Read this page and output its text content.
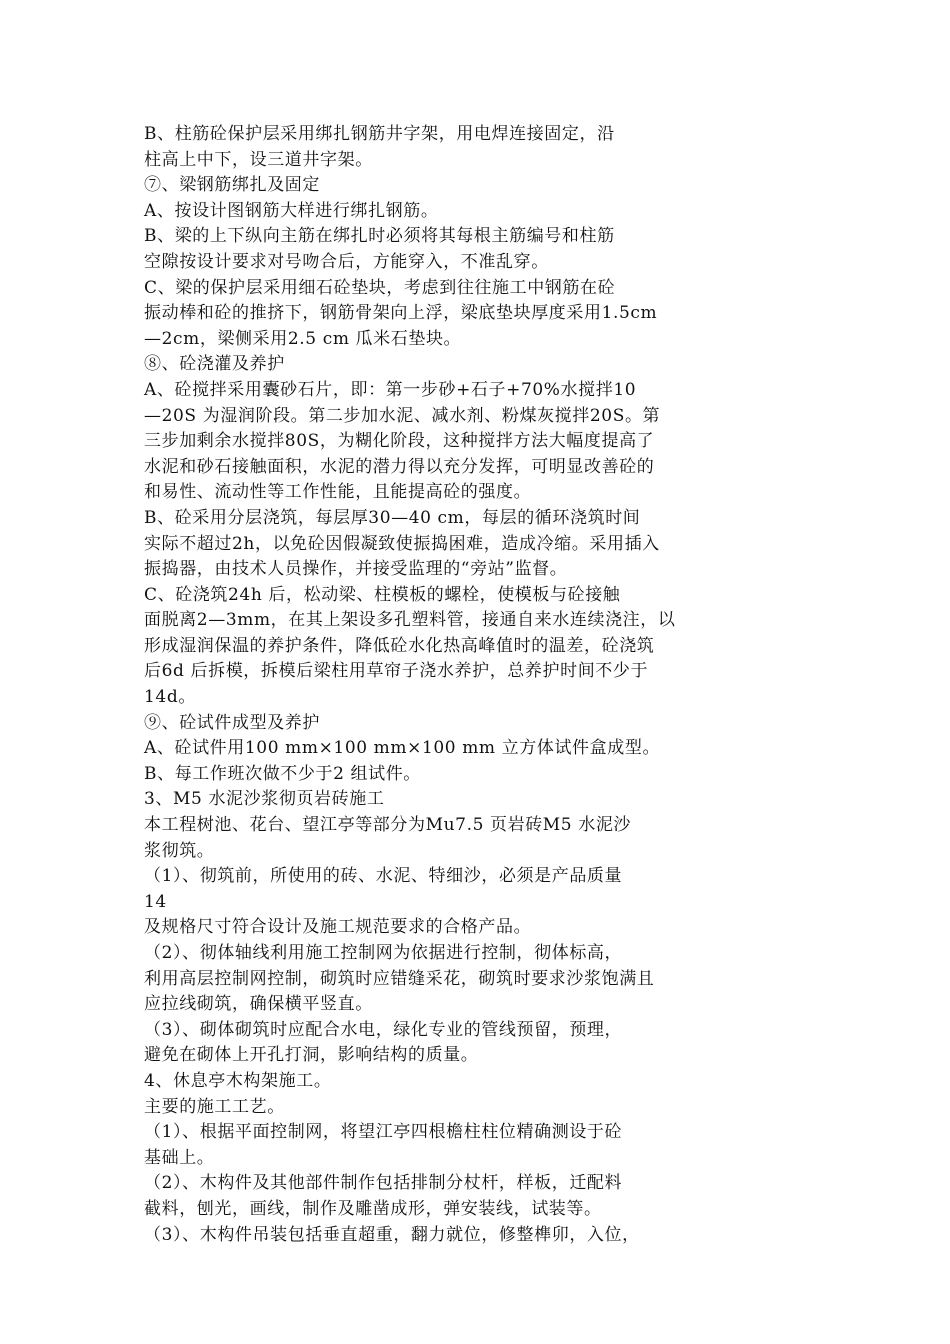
B、柱筋砼保护层采用绑扎钢筋井字架，用电焊连接固定，沿
柱高上中下，设三道井字架。
⑦、梁钢筋绑扎及固定
A、按设计图钢筋大样进行绑扎钢筋。
B、梁的上下纵向主筋在绑扎时必须将其每根主筋编号和柱筋
空隙按设计要求对号吻合后，方能穿入，不准乱穿。
C、梁的保护层采用细石砼垫块，考虑到往往施工中钢筋在砼
振动棒和砼的推挤下，钢筋骨架向上浮，梁底垫块厚度采用1.5cm
—2cm，梁侧采用2.5 cm 瓜米石垫块。
⑧、砼浇灌及养护
A、砼搅拌采用囊砂石片，即：第一步砂+石子+70%水搅拌10
—20S 为湿润阶段。第二步加水泥、减水剂、粉煤灰搅拌20S。第
三步加剩余水搅拌80S，为糊化阶段，这种搅拌方法大幅度提高了
水泥和砂石接触面积，水泥的潜力得以充分发挥，可明显改善砼的
和易性、流动性等工作性能，且能提高砼的强度。
B、砼采用分层浇筑，每层厚30—40 cm，每层的循环浇筑时间
实际不超过2h，以免砼因假凝致使振捣困难，造成冷缩。采用插入
振捣器，由技术人员操作，并接受监理的“旁站”监督。
C、砼浇筑24h 后，松动梁、柱模板的螺栓，使模板与砼接触
面脱离2—3mm，在其上架设多孔塑料管，接通自来水连续浇注，以
形成湿润保温的养护条件，降低砼水化热高峰值时的温差，砼浇筑
后6d 后拆模，拆模后梁柱用草帘子浇水养护，总养护时间不少于
14d。
⑨、砼试件成型及养护
A、砼试件用100 mm×100 mm×100 mm 立方体试件盒成型。
B、每工作班次做不少于2 组试件。
3、M5 水泥沙浆彻页岩砖施工
本工程树池、花台、望江亭等部分为Mu7.5 页岩砖M5 水泥沙
浆彻筑。
（1）、彻筑前，所使用的砖、水泥、特细沙，必须是产品质量
14
及规格尺寸符合设计及施工规范要求的合格产品。
（2）、彻体轴线利用施工控制网为依据进行控制，彻体标高，
利用高层控制网控制，砌筑时应错缝采花，砌筑时要求沙浆饱满且
应拉线砌筑，确保横平竖直。
（3）、砌体砌筑时应配合水电，绿化专业的管线预留，预理，
避免在砌体上开孔打洞，影响结构的质量。
4、休息亭木构架施工。
主要的施工工艺。
（1）、根据平面控制网，将望江亭四根檐柱柱位精确测设于砼
基础上。
（2）、木构件及其他部件制作包括排制分杖杆，样板，迁配料
截料，刨光，画线，制作及雕凿成形，弹安装线，试装等。
（3）、木构件吊装包括垂直超重，翻力就位，修整榫卯，入位，
